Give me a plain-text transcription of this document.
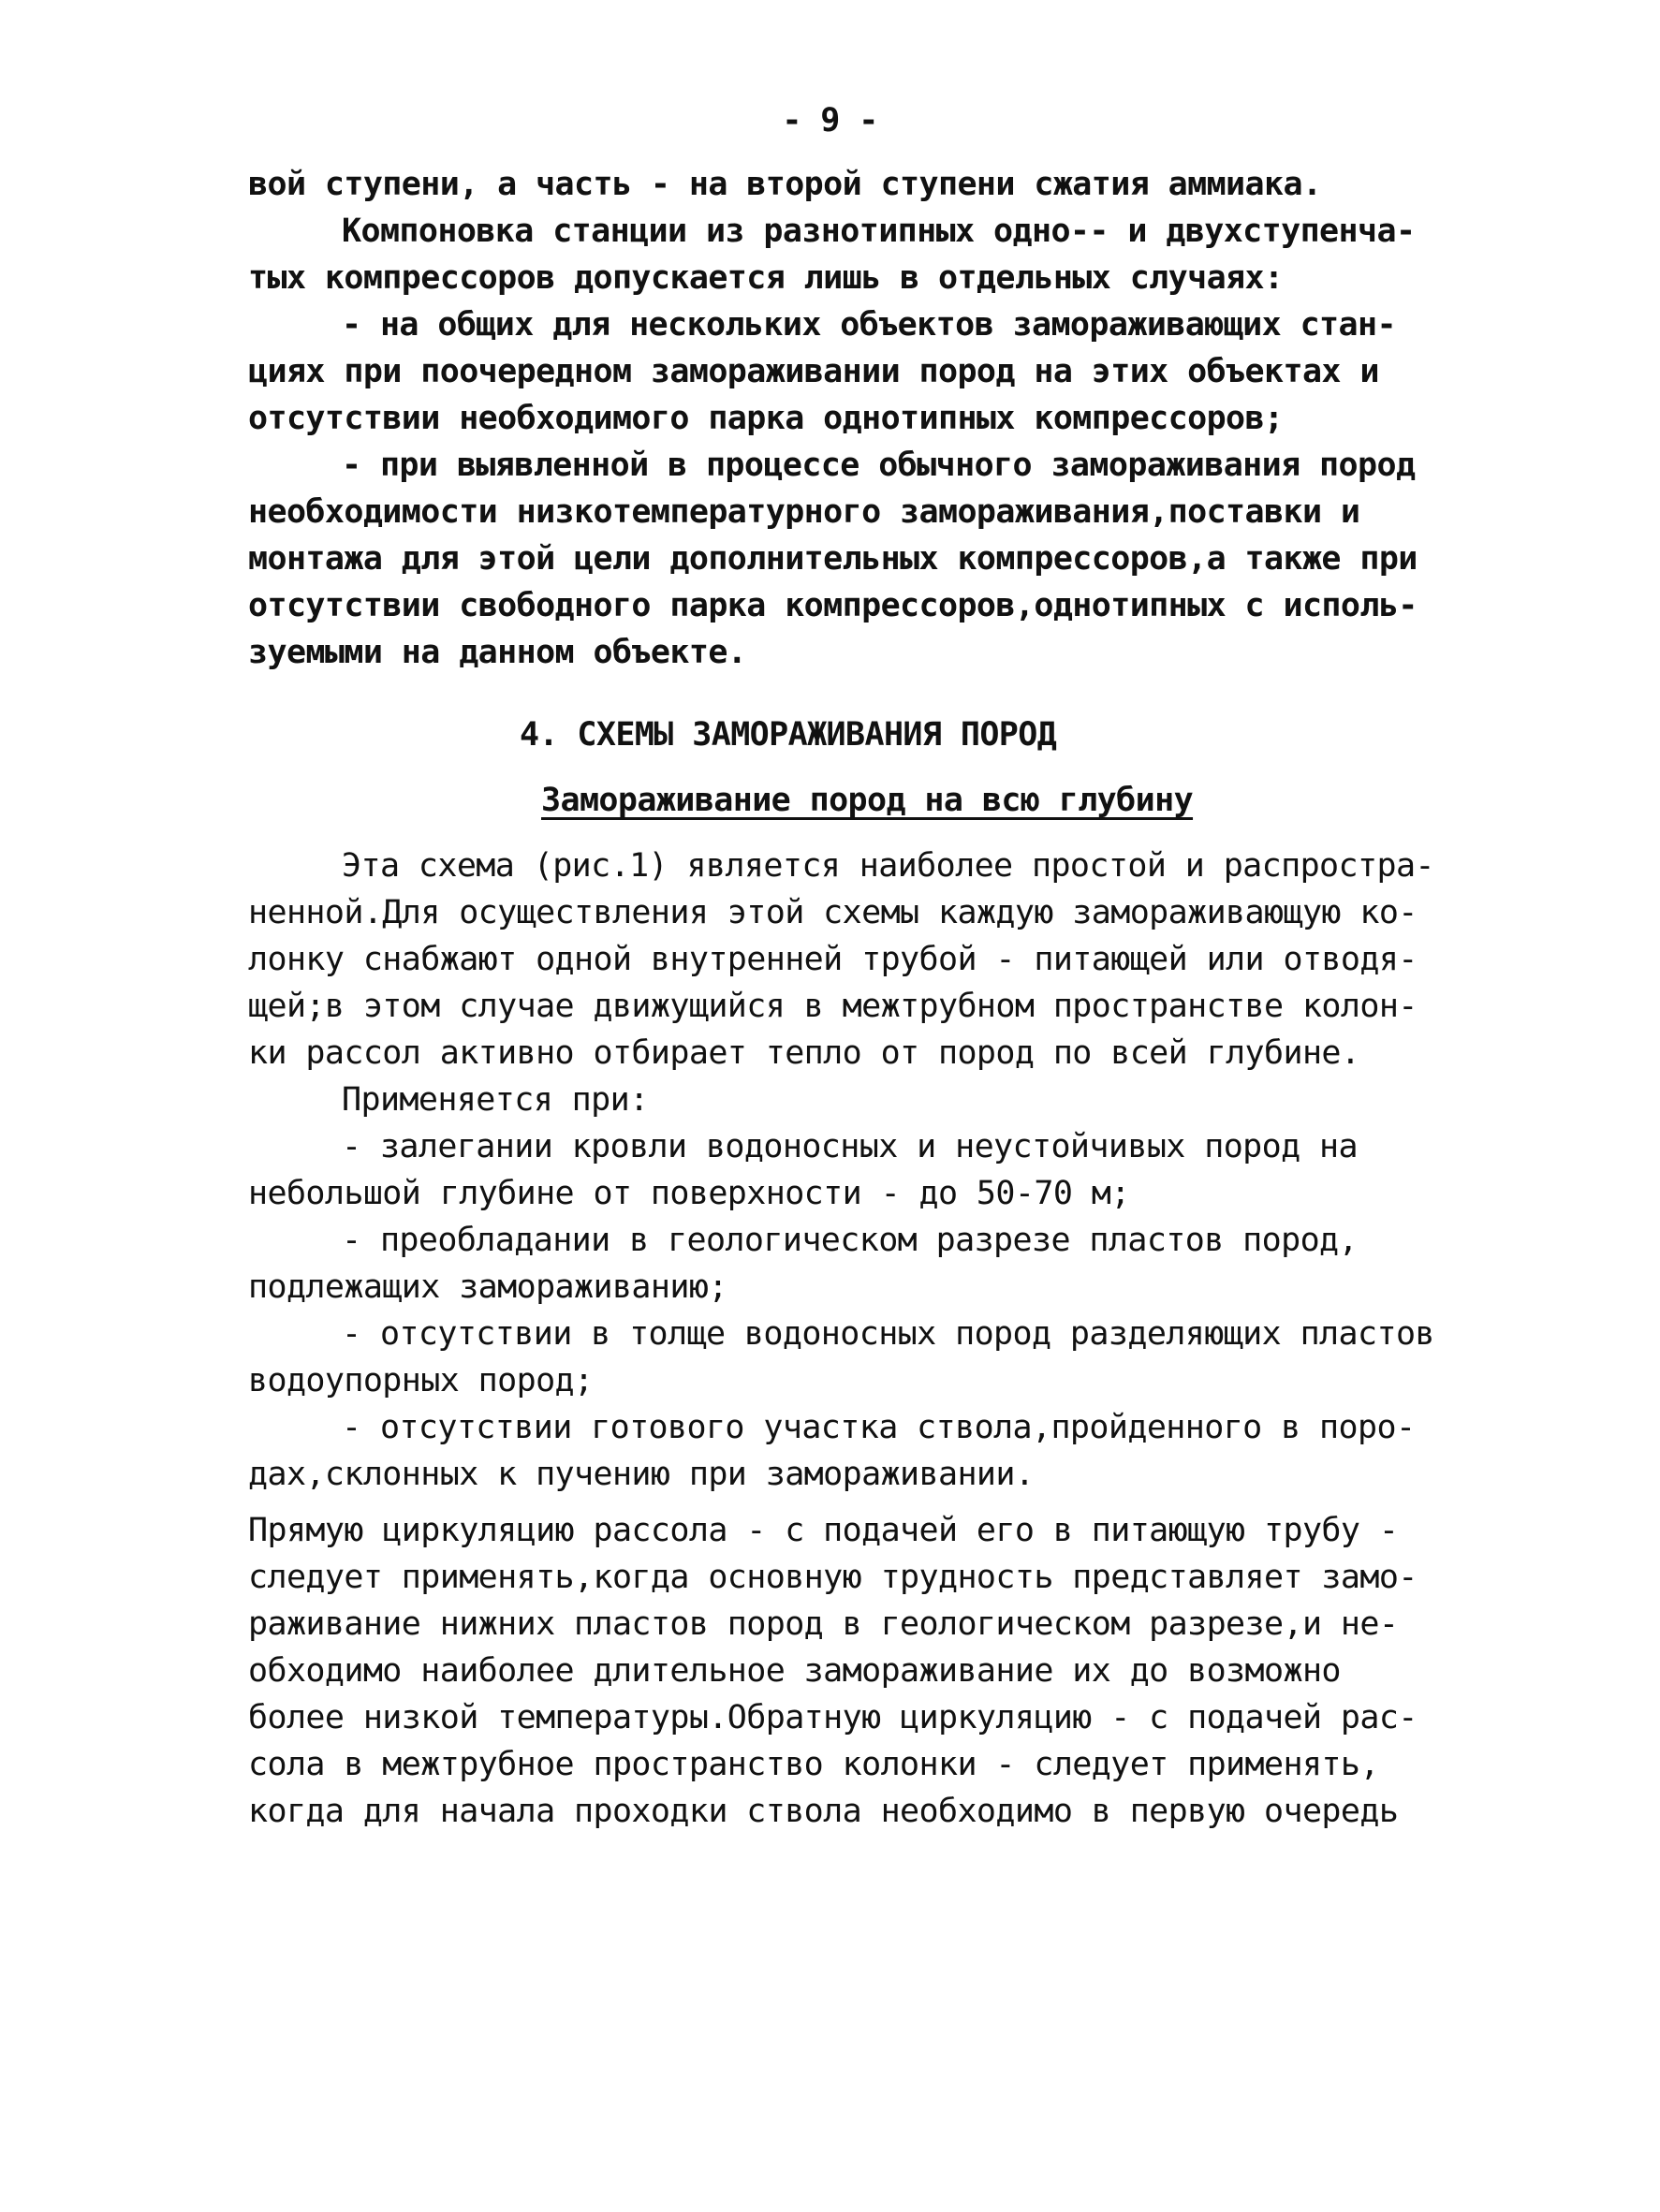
- 9 -

вой ступени, а часть - на второй ступени сжатия аммиака.

Компоновка станции из разнотипных одно-- и двухступенча-

тых компрессоров допускается лишь в отдельных случаях:

- на общих для нескольких объектов замораживающих стан-

циях при поочередном замораживании пород на этих объектах и

отсутствии необходимого парка однотипных компрессоров;

- при выявленной в процессе обычного замораживания пород

необходимости низкотемпературного замораживания,поставки и

монтажа для этой цели дополнительных компрессоров,а также при

отсутствии свободного парка компрессоров,однотипных с исполь-

зуемыми на данном объекте.

4. СХЕМЫ ЗАМОРАЖИВАНИЯ ПОРОД

Замораживание пород на всю глубину

Эта схема (рис.1) является наиболее простой и распростра-

ненной.Для осуществления этой схемы каждую замораживающую ко-

лонку снабжают одной внутренней трубой - питающей или отводя-

щей;в этом случае движущийся в межтрубном пространстве колон-

ки рассол активно отбирает тепло от пород по всей глубине.

Применяется при:

- залегании кровли водоносных и неустойчивых пород на

небольшой глубине от поверхности - до 50-70 м;

- преобладании в геологическом разрезе пластов пород,

подлежащих замораживанию;

- отсутствии в толще водоносных пород разделяющих пластов

водоупорных пород;

- отсутствии готового участка ствола,пройденного в поро-

дах,склонных к пучению при замораживании.

Прямую циркуляцию рассола - с подачей его в питающую трубу -

следует применять,когда основную трудность представляет замо-

раживание нижних пластов пород в геологическом разрезе,и не-

обходимо наиболее длительное замораживание их до возможно

более низкой температуры.Обратную циркуляцию - с подачей рас-

сола в межтрубное пространство колонки - следует применять,

когда для начала проходки ствола необходимо в первую очередь
